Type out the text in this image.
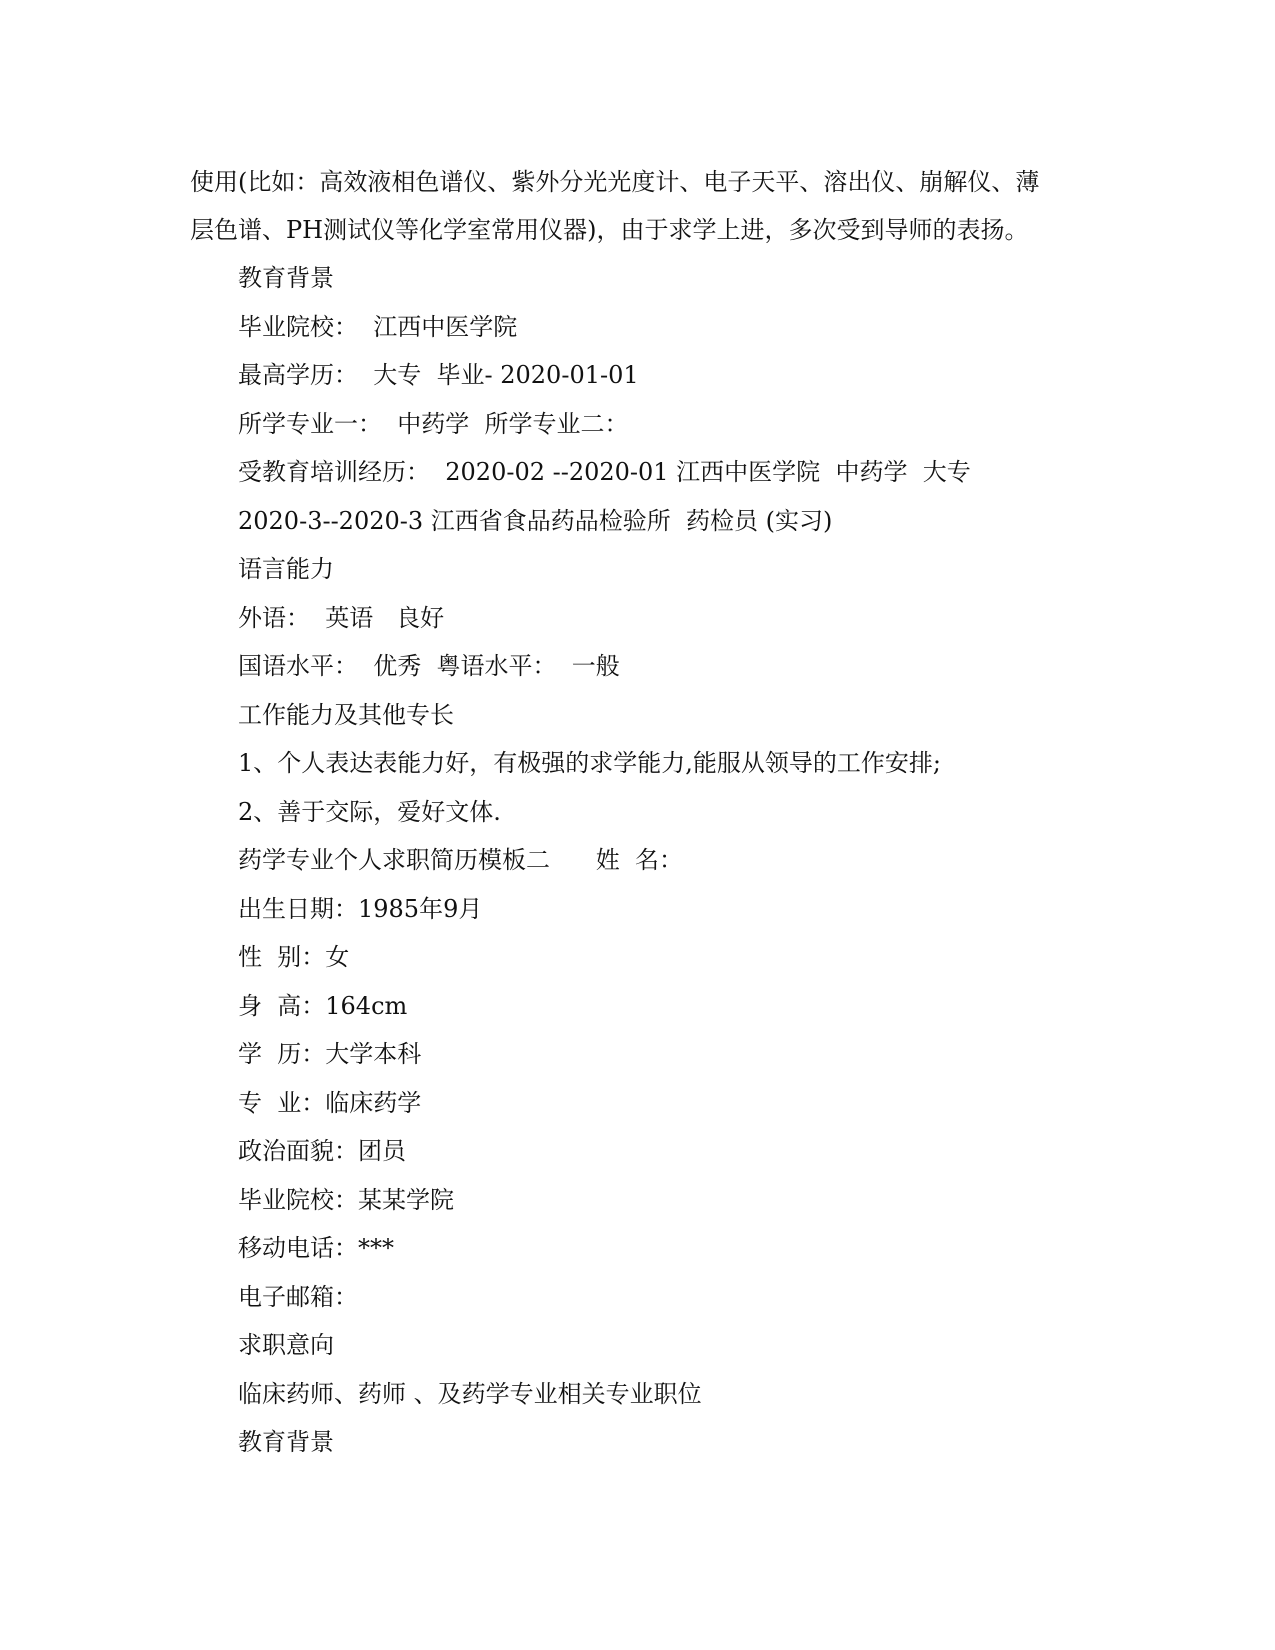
使用(比如：高效液相色谱仪、紫外分光光度计、电子天平、溶出仪、崩解仪、薄
层色谱、PH测试仪等化学室常用仪器)，由于求学上进，多次受到导师的表扬。

教育背景
毕业院校：  江西中医学院
最高学历：  大专  毕业- 2020-01-01
所学专业一：  中药学  所学专业二：
受教育培训经历：  2020-02 --2020-01 江西中医学院  中药学  大专
2020-3--2020-3 江西省食品药品检验所  药检员 (实习)
语言能力
外语：  英语   良好
国语水平：  优秀  粤语水平：  一般
工作能力及其他专长
1、个人表达表能力好，有极强的求学能力,能服从领导的工作安排;
2、善于交际，爱好文体.
药学专业个人求职简历模板二      姓  名：
出生日期：1985年9月
性  别：女
身  高：164cm
学  历：大学本科
专  业：临床药学
政治面貌：团员
毕业院校：某某学院
移动电话：***
电子邮箱：
求职意向
临床药师、药师 、及药学专业相关专业职位
教育背景
